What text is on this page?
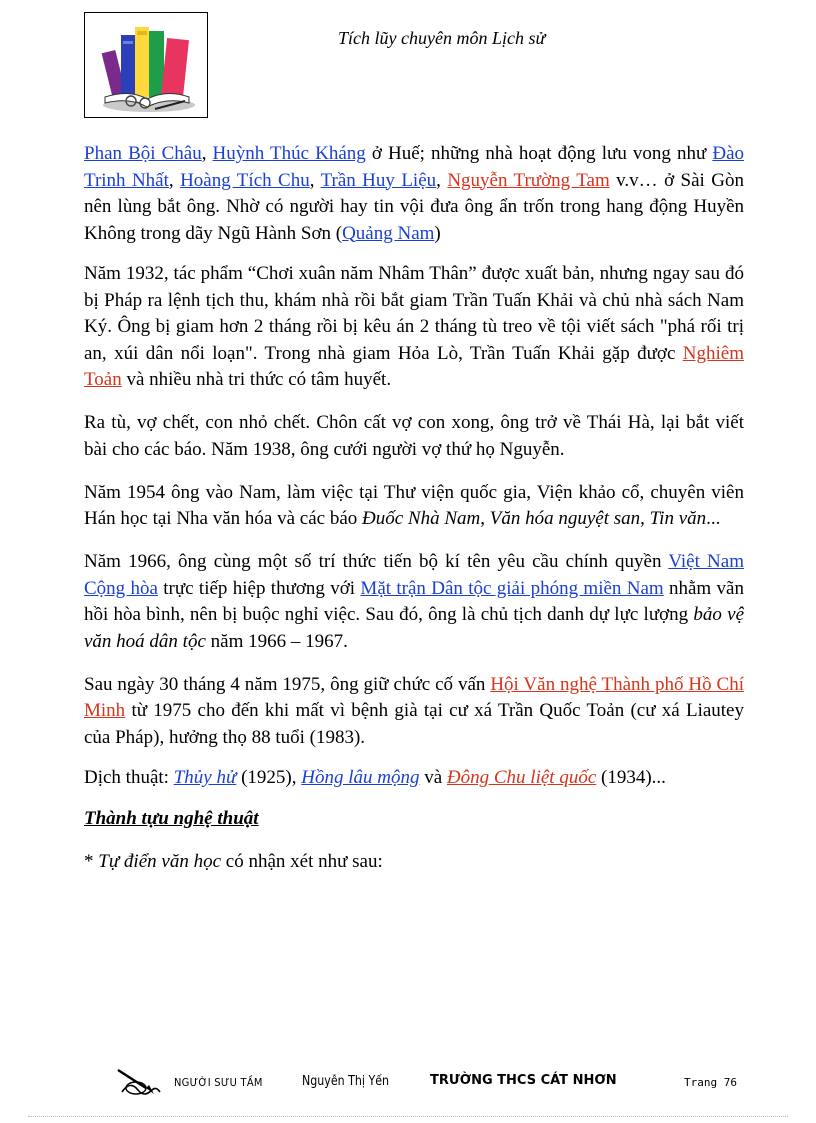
Tích lũy chuyên môn Lịch sử

Phan Bội Châu, Huỳnh Thúc Kháng ở Huế; những nhà hoạt động lưu vong như Đào Trinh Nhất, Hoàng Tích Chu, Trần Huy Liệu, Nguyễn Trường Tam v.v… ở Sài Gòn nên lùng bắt ông. Nhờ có người hay tin vội đưa ông ẩn trốn trong hang động Huyền Không trong dãy Ngũ Hành Sơn (Quảng Nam)

Năm 1932, tác phẩm “Chơi xuân năm Nhâm Thân” được xuất bản, nhưng ngay sau đó bị Pháp ra lệnh tịch thu, khám nhà rồi bắt giam Trần Tuấn Khải và chủ nhà sách Nam Ký. Ông bị giam hơn 2 tháng rồi bị kêu án 2 tháng tù treo về tội viết sách "phá rối trị an, xúi dân nổi loạn". Trong nhà giam Hỏa Lò, Trần Tuấn Khải gặp được Nghiêm Toản và nhiều nhà tri thức có tâm huyết.

Ra tù, vợ chết, con nhỏ chết. Chôn cất vợ con xong, ông trở về Thái Hà, lại bắt viết bài cho các báo. Năm 1938, ông cưới người vợ thứ họ Nguyễn.

Năm 1954 ông vào Nam, làm việc tại Thư viện quốc gia, Viện khảo cổ, chuyên viên Hán học tại Nha văn hóa và các báo Đuốc Nhà Nam, Văn hóa nguyệt san, Tin văn...

Năm 1966, ông cùng một số trí thức tiến bộ kí tên yêu cầu chính quyền Việt Nam Cộng hòa trực tiếp hiệp thương với Mặt trận Dân tộc giải phóng miền Nam nhằm vãn hồi hòa bình, nên bị buộc nghỉ việc. Sau đó, ông là chủ tịch danh dự lực lượng bảo vệ văn hoá dân tộc năm 1966 – 1967.

Sau ngày 30 tháng 4 năm 1975, ông giữ chức cố vấn Hội Văn nghệ Thành phố Hồ Chí Minh từ 1975 cho đến khi mất vì bệnh già tại cư xá Trần Quốc Toản (cư xá Liautey của Pháp), hưởng thọ 88 tuổi (1983).

Dịch thuật: Thủy hử (1925), Hồng lâu mộng và Đông Chu liệt quốc (1934)...

Thành tựu nghệ thuật

* Tự điển văn học có nhận xét như sau:

NGƯỜI SƯU TẦM	Nguyễn Thị Yến	TRƯỜNG THCS CÁT NHƠN	Trang 76
